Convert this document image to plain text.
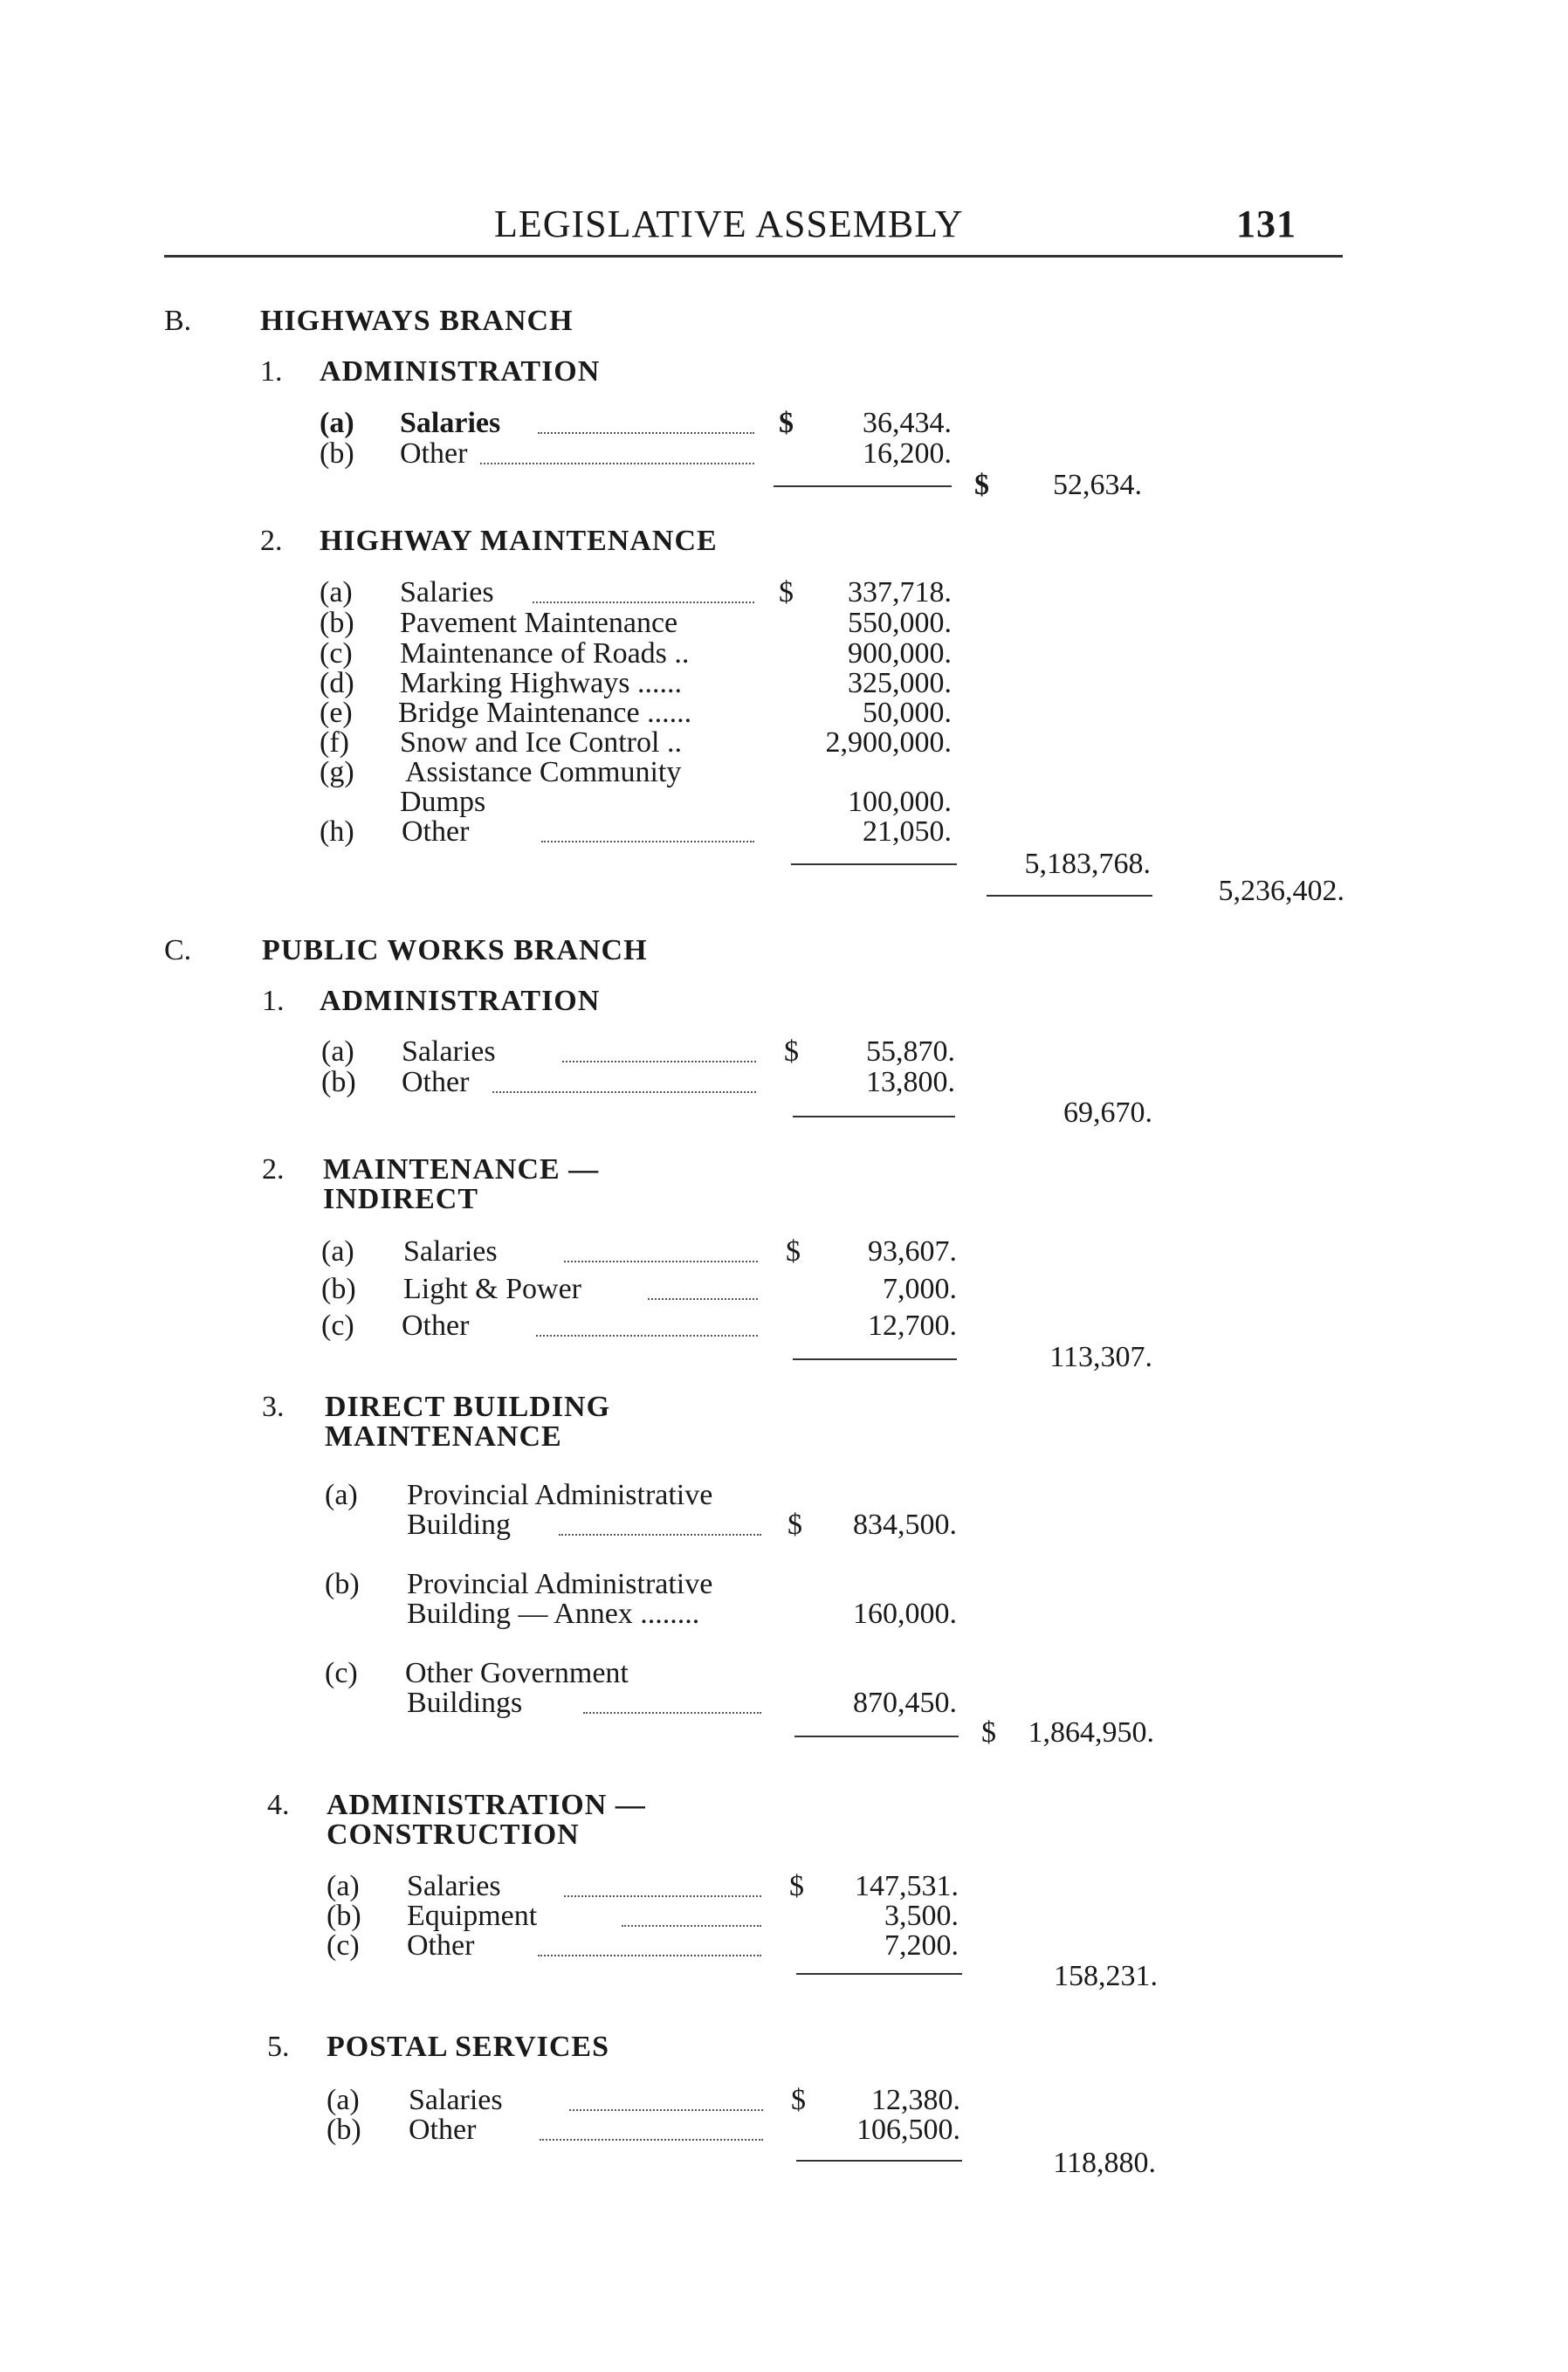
LEGISLATIVE ASSEMBLY	131
B. HIGHWAYS BRANCH
1. ADMINISTRATION
(a) Salaries	$ 36,434.
(b) Other	16,200.
$ 52,634.
2. HIGHWAY MAINTENANCE
(a) Salaries	$ 337,718.
(b) Pavement Maintenance	550,000.
(c) Maintenance of Roads ..	900,000.
(d) Marking Highways ......	325,000.
(e) Bridge Maintenance ......	50,000.
(f) Snow and Ice Control ..	2,900,000.
(g) Assistance Community
Dumps	100,000.
(h) Other	21,050.
5,183,768.
5,236,402.
C. PUBLIC WORKS BRANCH
1. ADMINISTRATION
(a) Salaries	$ 55,870.
(b) Other	13,800.
69,670.
2. MAINTENANCE —
INDIRECT
(a) Salaries	$ 93,607.
(b) Light & Power	7,000.
(c) Other	12,700.
113,307.
3. DIRECT BUILDING
MAINTENANCE
(a) Provincial Administrative
Building	$ 834,500.
(b) Provincial Administrative
Building — Annex ........	160,000.
(c) Other Government
Buildings	870,450.
$ 1,864,950.
4. ADMINISTRATION —
CONSTRUCTION
(a) Salaries	$ 147,531.
(b) Equipment	3,500.
(c) Other	7,200.
158,231.
5. POSTAL SERVICES
(a) Salaries	$ 12,380.
(b) Other	106,500.
118,880.
